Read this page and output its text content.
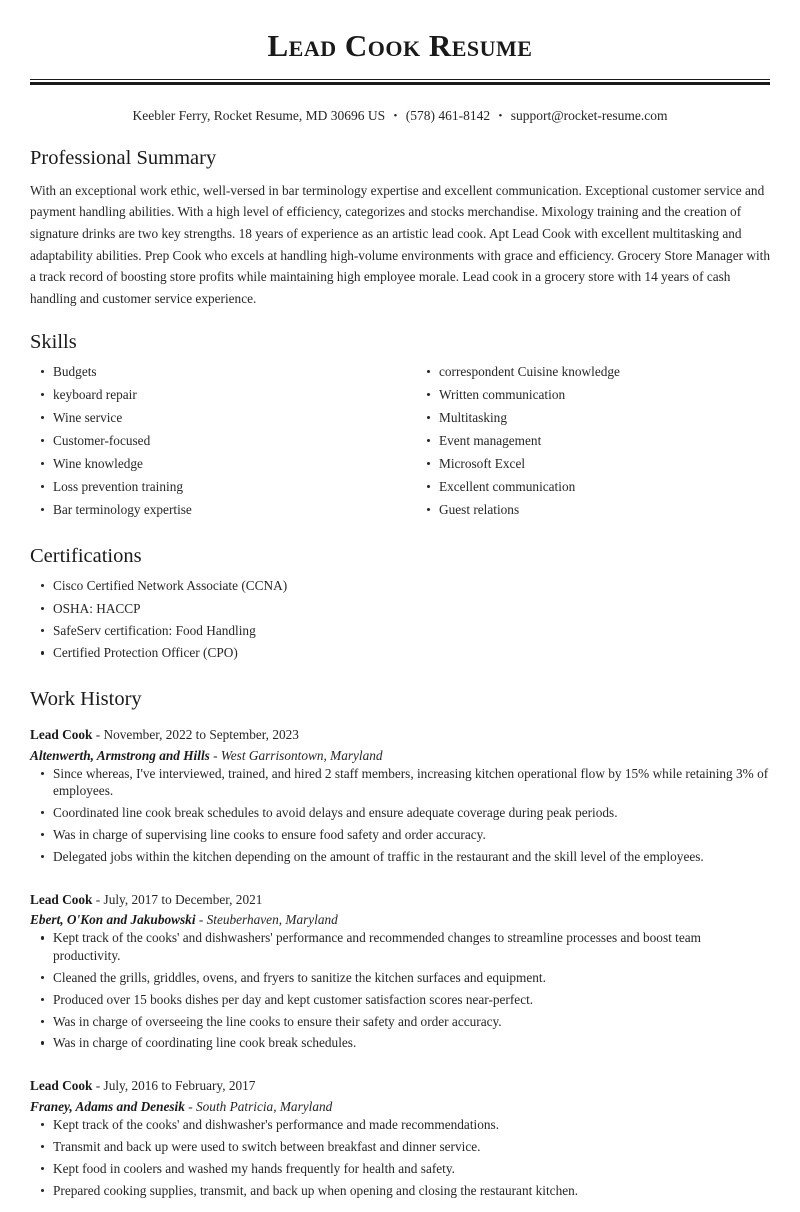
Lead Cook Resume
Keebler Ferry, Rocket Resume, MD 30696 US • (578) 461-8142 • support@rocket-resume.com
Professional Summary

With an exceptional work ethic, well-versed in bar terminology expertise and excellent communication. Exceptional customer service and payment handling abilities. With a high level of efficiency, categorizes and stocks merchandise. Mixology training and the creation of signature drinks are two key strengths. 18 years of experience as an artistic lead cook. Apt Lead Cook with excellent multitasking and adaptability abilities. Prep Cook who excels at handling high-volume environments with grace and efficiency. Grocery Store Manager with a track record of boosting store profits while maintaining high employee morale. Lead cook in a grocery store with 14 years of cash handling and customer service experience.

Skills
Budgets
keyboard repair
Wine service
Customer-focused
Wine knowledge
Loss prevention training
Bar terminology expertise
correspondent Cuisine knowledge
Written communication
Multitasking
Event management
Microsoft Excel
Excellent communication
Guest relations
Certifications
Cisco Certified Network Associate (CCNA)
OSHA: HACCP
SafeServ certification: Food Handling
Certified Protection Officer (CPO)
Work History
Lead Cook - November, 2022 to September, 2023
Altenwerth, Armstrong and Hills - West Garrisontown, Maryland
Since whereas, I've interviewed, trained, and hired 2 staff members, increasing kitchen operational flow by 15% while retaining 3% of employees.
Coordinated line cook break schedules to avoid delays and ensure adequate coverage during peak periods.
Was in charge of supervising line cooks to ensure food safety and order accuracy.
Delegated jobs within the kitchen depending on the amount of traffic in the restaurant and the skill level of the employees.
Lead Cook - July, 2017 to December, 2021
Ebert, O'Kon and Jakubowski - Steuberhaven, Maryland
Kept track of the cooks' and dishwashers' performance and recommended changes to streamline processes and boost team productivity.
Cleaned the grills, griddles, ovens, and fryers to sanitize the kitchen surfaces and equipment.
Produced over 15 books dishes per day and kept customer satisfaction scores near-perfect.
Was in charge of overseeing the line cooks to ensure their safety and order accuracy.
Was in charge of coordinating line cook break schedules.
Lead Cook - July, 2016 to February, 2017
Franey, Adams and Denesik - South Patricia, Maryland
Kept track of the cooks' and dishwasher's performance and made recommendations.
Transmit and back up were used to switch between breakfast and dinner service.
Kept food in coolers and washed my hands frequently for health and safety.
Prepared cooking supplies, transmit, and back up when opening and closing the restaurant kitchen.
